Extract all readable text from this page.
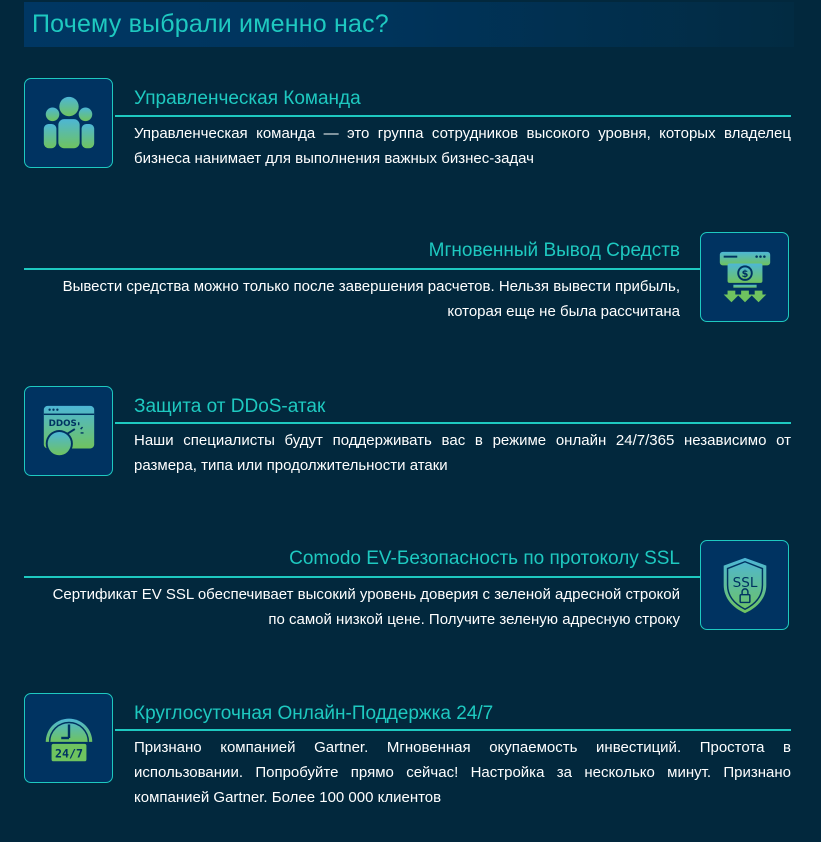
Почему выбрали именно нас?
Управленческая Команда
Управленческая команда — это группа сотрудников высокого уровня, которых владелец бизнеса нанимает для выполнения важных бизнес-задач
$
Мгновенный Вывод Средств
Вывести средства можно только после завершения расчетов. Нельзя вывести прибыль, которая еще не была рассчитана
DDOS
Защита от DDoS-атак
Наши специалисты будут поддерживать вас в режиме онлайн 24/7/365 независимо от размера, типа или продолжительности атаки
SSL
Comodo EV-Безопасность по протоколу SSL
Сертификат EV SSL обеспечивает высокий уровень доверия с зеленой адресной строкой по самой низкой цене. Получите зеленую адресную строку
24/7
Круглосуточная Онлайн-Поддержка 24/7
Признано компанией Gartner. Мгновенная окупаемость инвестиций. Простота в использовании. Попробуйте прямо сейчас! Настройка за несколько минут. Признано компанией Gartner. Более 100 000 клиентов
